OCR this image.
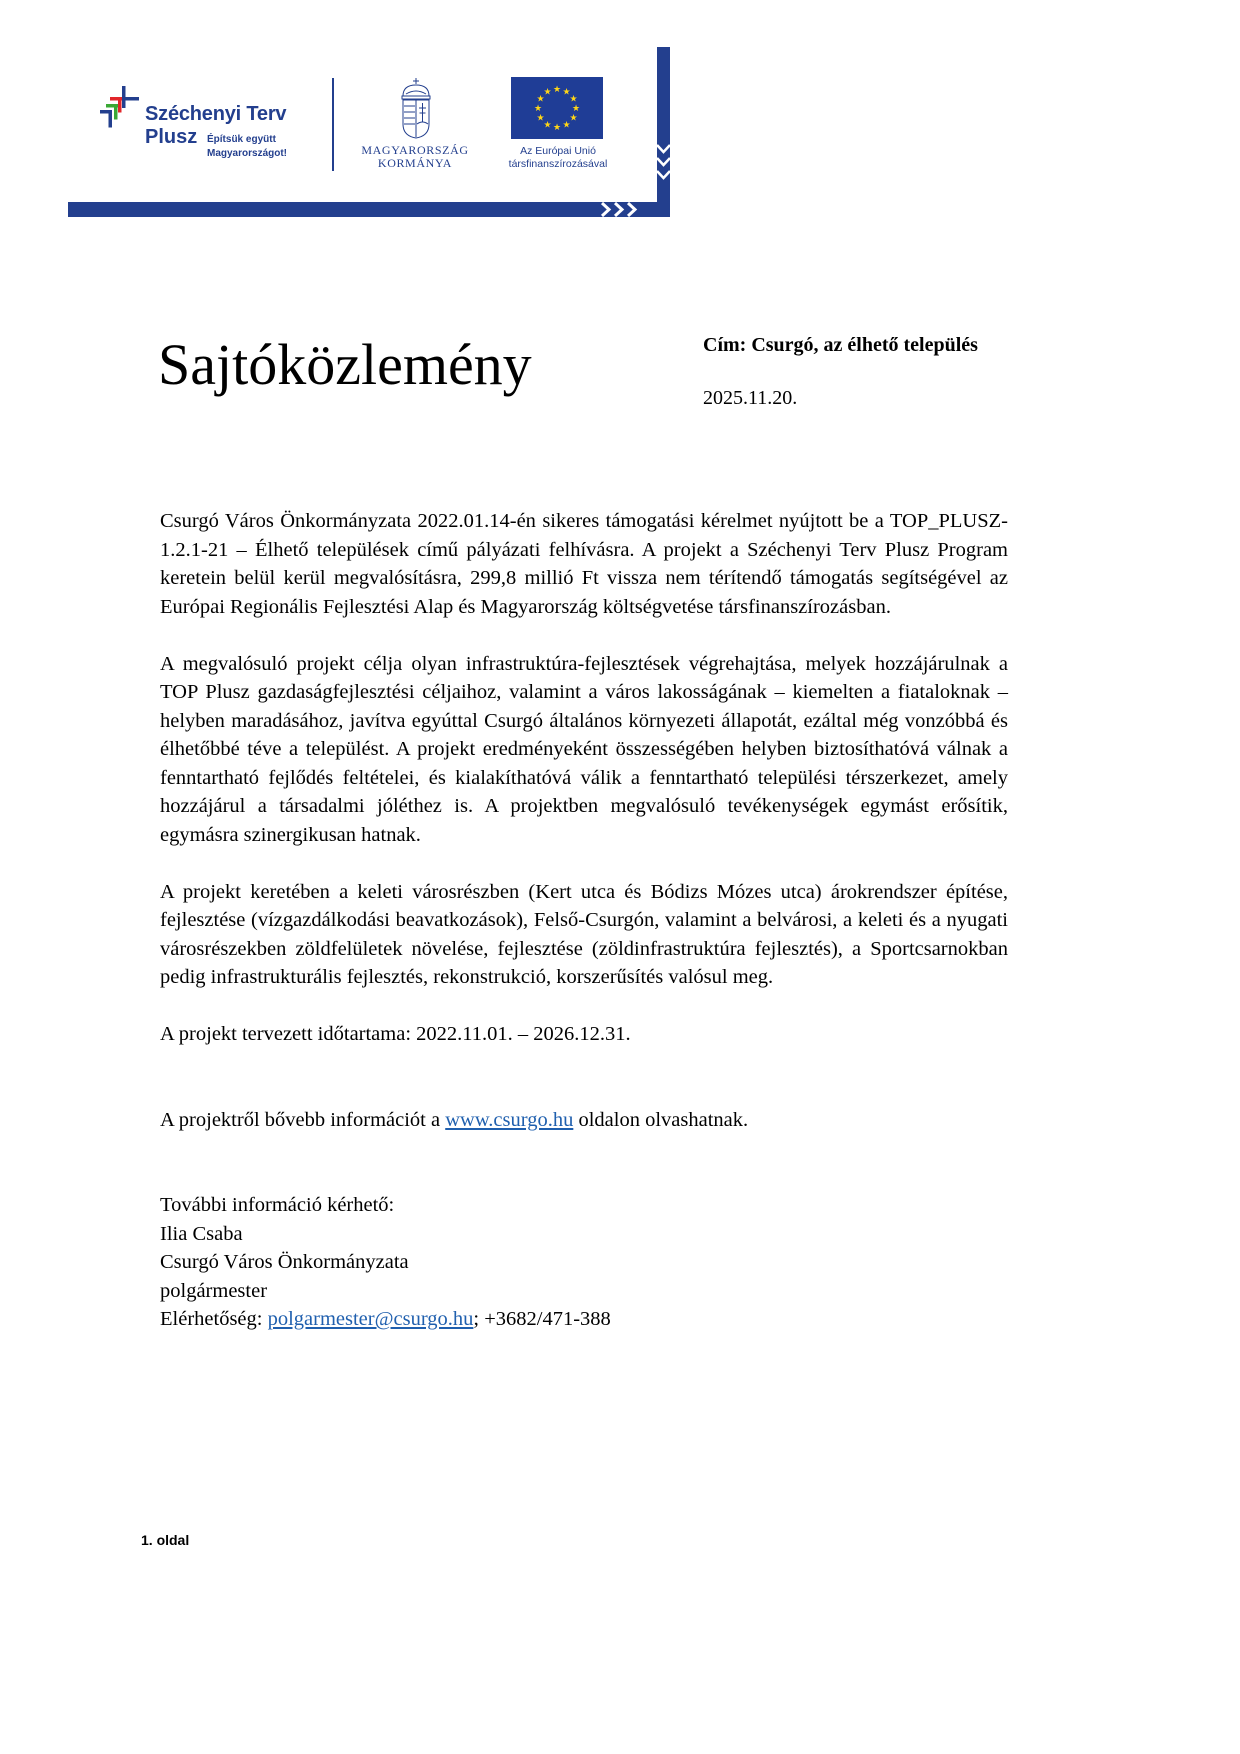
Széchenyi Terv
Plusz Építsük együtt
Magyarországot!	MAGYARORSZÁG
KORMÁNYA
★ ★
★
★
★
★
★
★
★
★
★
★
Az Európai Unió
társfinanszírozásával
Sajtóközlemény	Cím: Csurgó, az élhető település
2025.11.20.

Csurgó Város Önkormányzata 2022.01.14-én sikeres támogatási kérelmet nyújtott be a TOP_PLUSZ-1.2.1-21 – Élhető települések című pályázati felhívásra. A projekt a Széchenyi Terv Plusz Program keretein belül kerül megvalósításra, 299,8 millió Ft vissza nem térítendő támogatás segítségével az Európai Regionális Fejlesztési Alap és Magyarország költségvetése társfinanszírozásban.

A megvalósuló projekt célja olyan infrastruktúra-fejlesztések végrehajtása, melyek hozzájárulnak a TOP Plusz gazdaságfejlesztési céljaihoz, valamint a város lakosságának – kiemelten a fiataloknak – helyben maradásához, javítva egyúttal Csurgó általános környezeti állapotát, ezáltal még vonzóbbá és élhetőbbé téve a települést. A projekt eredményeként összességében helyben biztosíthatóvá válnak a fenntartható fejlődés feltételei, és kialakíthatóvá válik a fenntartható települési térszerkezet, amely hozzájárul a társadalmi jóléthez is. A projektben megvalósuló tevékenységek egymást erősítik, egymásra szinergikusan hatnak.

A projekt keretében a keleti városrészben (Kert utca és Bódizs Mózes utca) árokrendszer építése, fejlesztése (vízgazdálkodási beavatkozások), Felső-Csurgón, valamint a belvárosi, a keleti és a nyugati városrészekben zöldfelületek növelése, fejlesztése (zöldinfrastruktúra fejlesztés), a Sportcsarnokban pedig infrastrukturális fejlesztés, rekonstrukció, korszerűsítés valósul meg.

A projekt tervezett időtartama: 2022.11.01. – 2026.12.31.

A projektről bővebb információt a www.csurgo.hu oldalon olvashatnak.

További információ kérhető:
Ilia Csaba
Csurgó Város Önkormányzata
polgármester
Elérhetőség: polgarmester@csurgo.hu; +3682/471-388
1. oldal
